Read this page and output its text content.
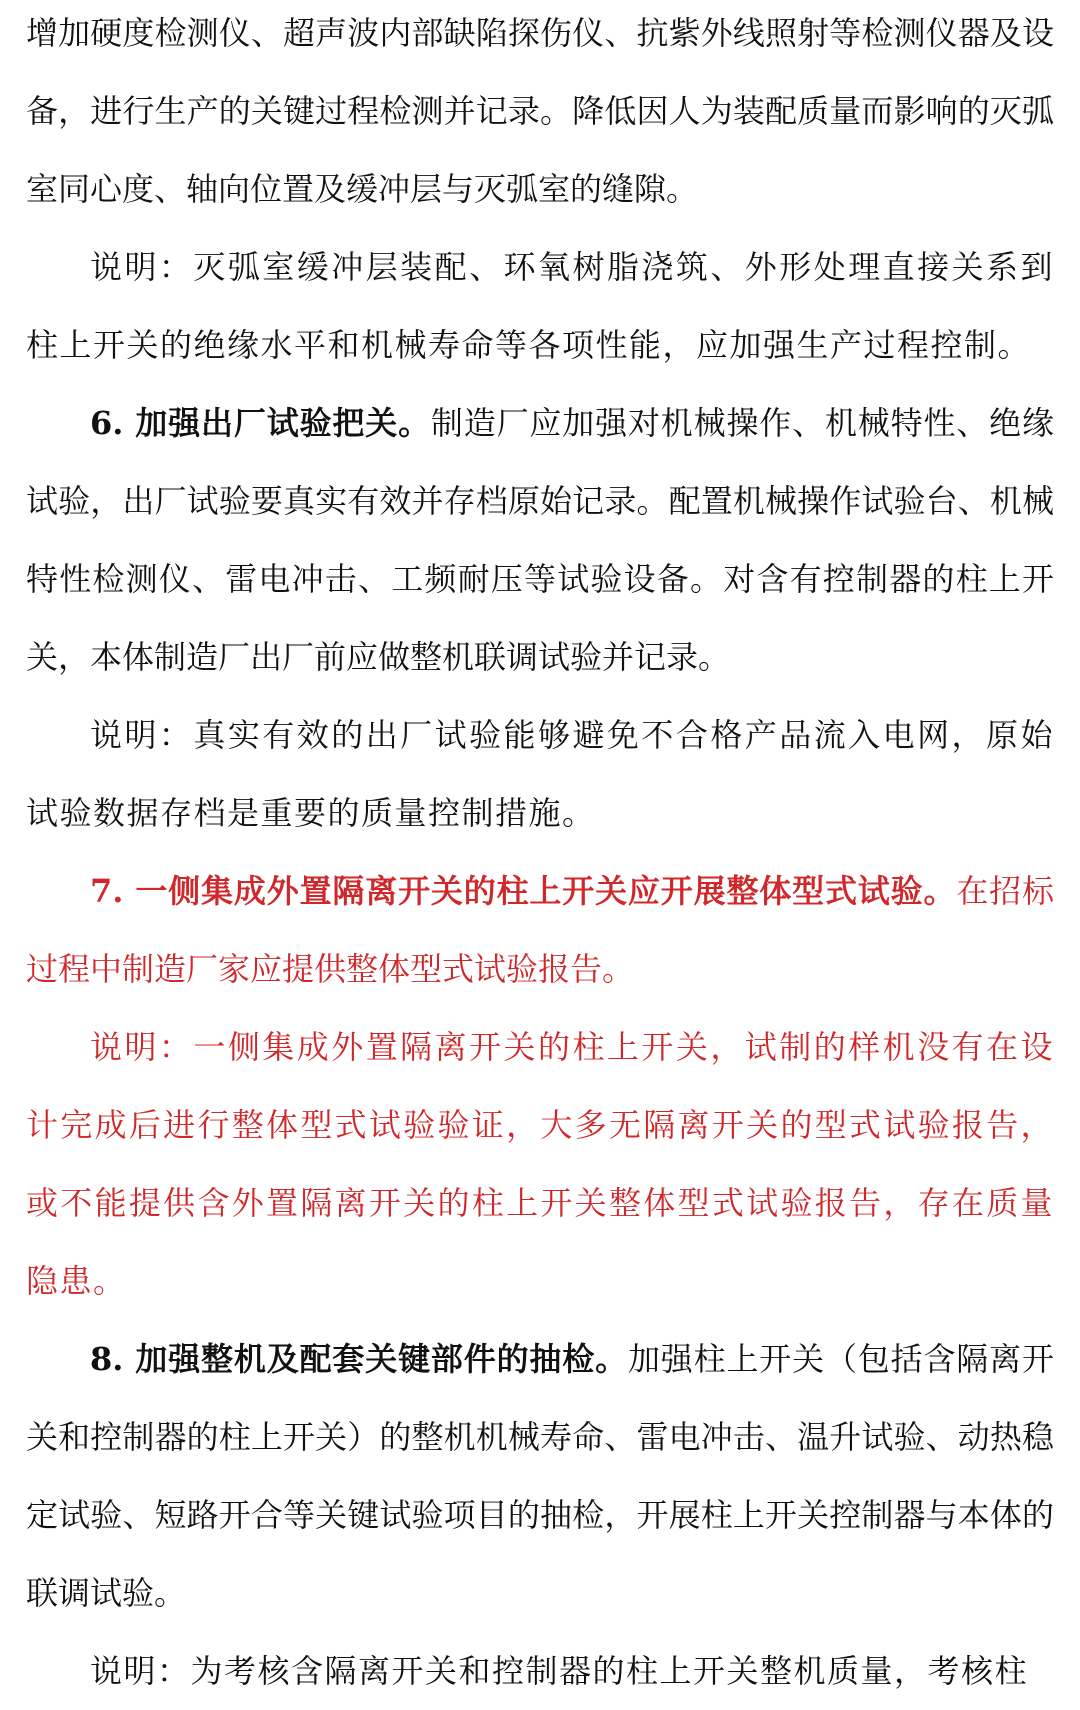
增加硬度检测仪、超声波内部缺陷探伤仪、抗紫外线照射等检测仪器及设备，进行生产的关键过程检测并记录。降低因人为装配质量而影响的灭弧室同心度、轴向位置及缓冲层与灭弧室的缝隙。

说明：灭弧室缓冲层装配、环氧树脂浇筑、外形处理直接关系到柱上开关的绝缘水平和机械寿命等各项性能，应加强生产过程控制。

6. 加强出厂试验把关。制造厂应加强对机械操作、机械特性、绝缘试验，出厂试验要真实有效并存档原始记录。配置机械操作试验台、机械特性检测仪、雷电冲击、工频耐压等试验设备。对含有控制器的柱上开关，本体制造厂出厂前应做整机联调试验并记录。

说明：真实有效的出厂试验能够避免不合格产品流入电网，原始试验数据存档是重要的质量控制措施。

7. 一侧集成外置隔离开关的柱上开关应开展整体型式试验。在招标过程中制造厂家应提供整体型式试验报告。

说明：一侧集成外置隔离开关的柱上开关，试制的样机没有在设计完成后进行整体型式试验验证，大多无隔离开关的型式试验报告，或不能提供含外置隔离开关的柱上开关整体型式试验报告，存在质量隐患。

8. 加强整机及配套关键部件的抽检。加强柱上开关（包括含隔离开关和控制器的柱上开关）的整机机械寿命、雷电冲击、温升试验、动热稳定试验、短路开合等关键试验项目的抽检，开展柱上开关控制器与本体的联调试验。

说明：为考核含隔离开关和控制器的柱上开关整机质量，考核柱
